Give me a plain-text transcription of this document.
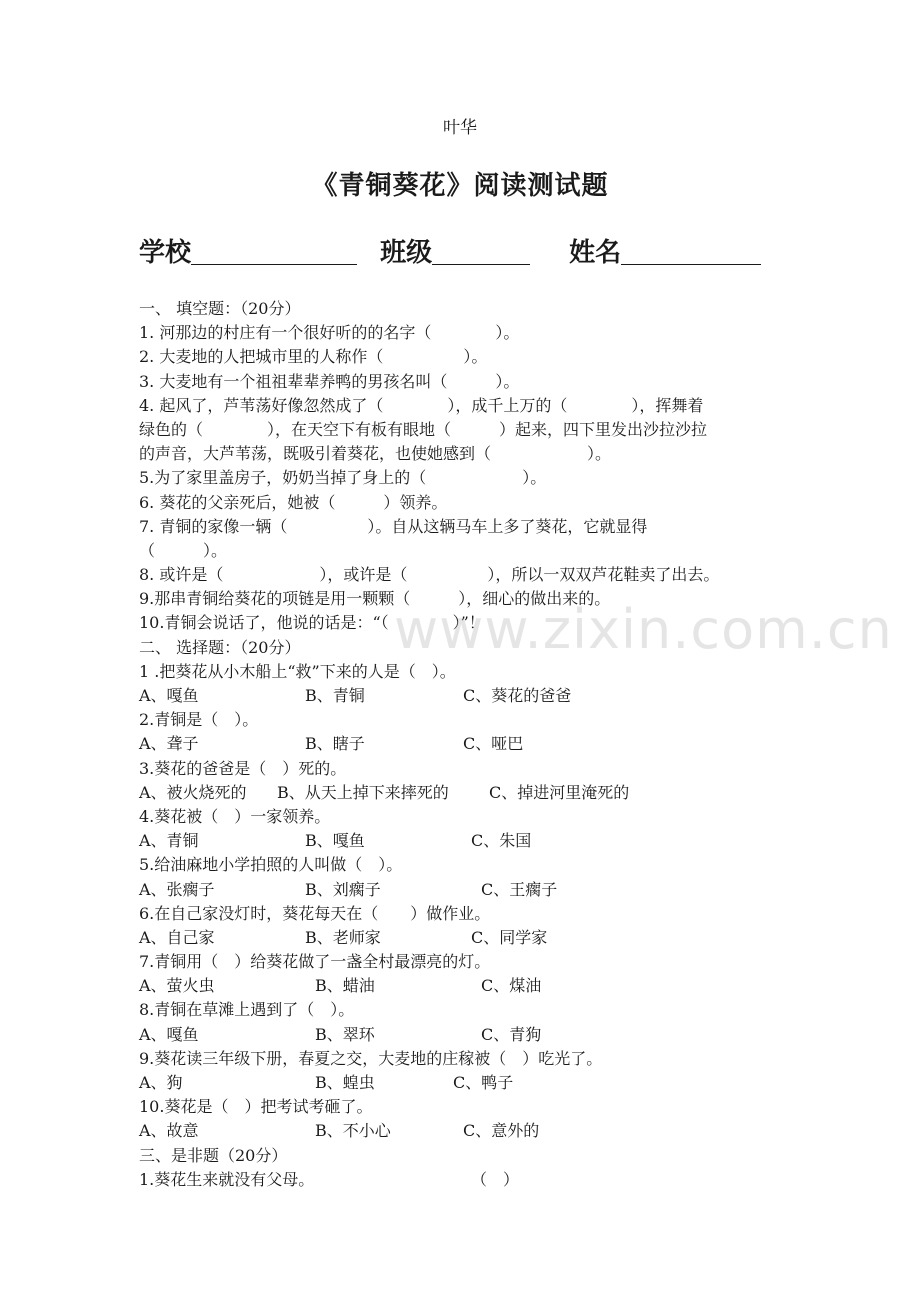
叶华
《青铜葵花》阅读测试题
学校	班级	姓名
一、 填空题：（20分）
1. 河那边的村庄有一个很好听的的名字（　　　　）。
2. 大麦地的人把城市里的人称作（　　　　　）。
3. 大麦地有一个祖祖辈辈养鸭的男孩名叫（　　　）。
4. 起风了，芦苇荡好像忽然成了（　　　　），成千上万的（　　　　），挥舞着
绿色的（　　　　），在天空下有板有眼地（　　　）起来，四下里发出沙拉沙拉
的声音，大芦苇荡，既吸引着葵花，也使她感到（　　　　　　）。
5.为了家里盖房子，奶奶当掉了身上的（　　　　　　）。
6. 葵花的父亲死后，她被（　　　）领养。
7. 青铜的家像一辆（　　　　　）。自从这辆马车上多了葵花，它就显得
（　　　）。
8. 或许是（　　　　　　），或许是（　　　　　），所以一双双芦花鞋卖了出去。
9.那串青铜给葵花的项链是用一颗颗（　　　），细心的做出来的。
10.青铜会说话了，他说的话是：“（　　　　）”！
二、 选择题：（20分）
1 .把葵花从小木船上“救”下来的人是（　）。
A、嘎鱼	B、青铜	C、葵花的爸爸
2.青铜是（　）。
A、聋子	B、瞎子	C、哑巴
3.葵花的爸爸是（　）死的。
A、被火烧死的 B、从天上掉下来摔死的	C、掉进河里淹死的
4.葵花被（　）一家领养。
A、青铜	B、嘎鱼	C、朱国
5.给油麻地小学拍照的人叫做（　）。
A、张瘸子	B、刘瘸子	C、王瘸子
6.在自己家没灯时，葵花每天在（　　）做作业。
A、自己家	B、老师家	C、同学家
7.青铜用（　）给葵花做了一盏全村最漂亮的灯。
A、萤火虫	B、蜡油	C、煤油
8.青铜在草滩上遇到了（　）。
A、嘎鱼	B、翠环	C、青狗
9.葵花读三年级下册，春夏之交，大麦地的庄稼被（　）吃光了。
A、狗	B、蝗虫	C、鸭子
10.葵花是（　）把考试考砸了。
A、故意	B、不小心	C、意外的
三、是非题（20分）
1.葵花生来就没有父母。	（　）
www.zixin.com.cn
